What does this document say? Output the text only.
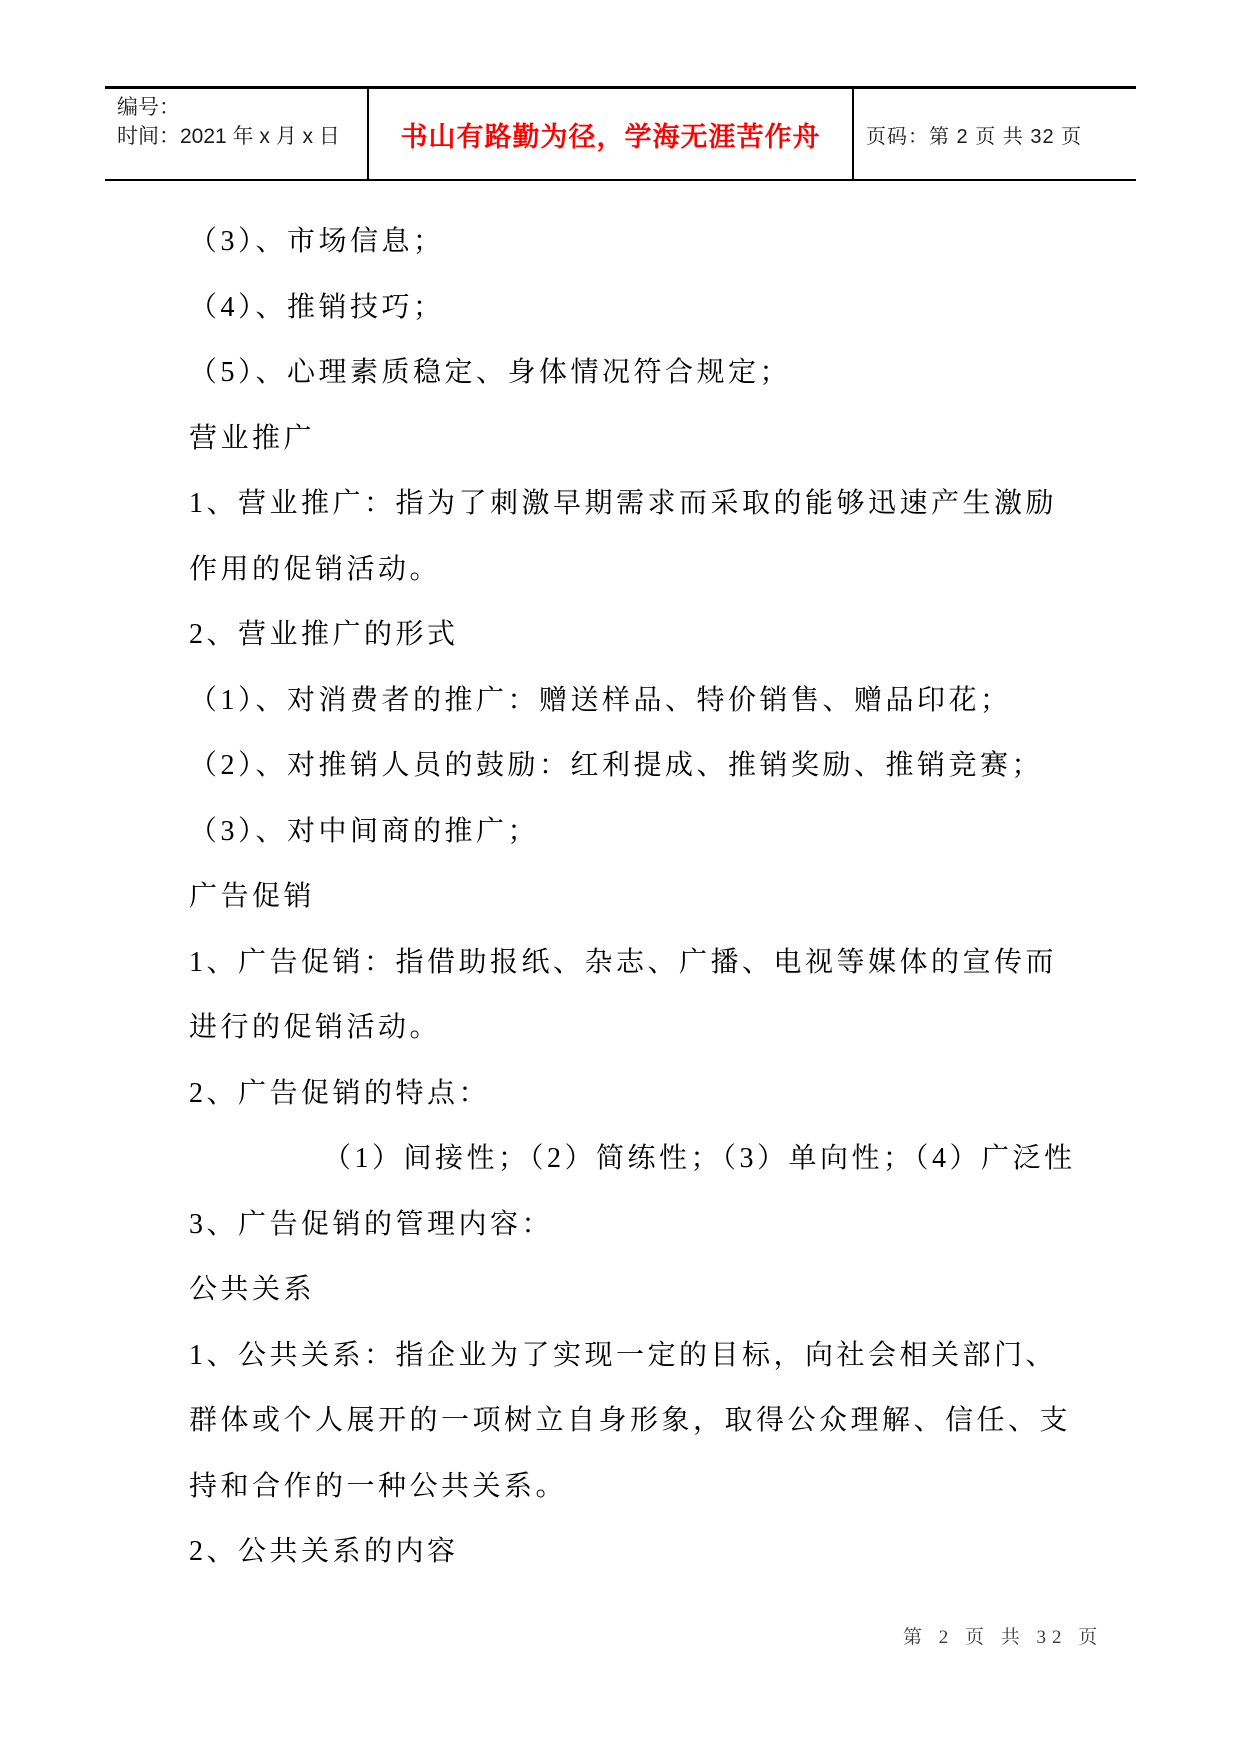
编号：
时间：2021 年 x 月 x 日	书山有路勤为径，学海无涯苦作舟 页码：第 2 页 共 32 页
（3）、市场信息；
（4）、推销技巧；
（5）、心理素质稳定、身体情况符合规定；
营业推广
1、营业推广：指为了刺激早期需求而采取的能够迅速产生激励
作用的促销活动。
2、营业推广的形式
（1）、对消费者的推广：赠送样品、特价销售、赠品印花；
（2）、对推销人员的鼓励：红利提成、推销奖励、推销竞赛；
（3）、对中间商的推广；
广告促销
1、广告促销：指借助报纸、杂志、广播、电视等媒体的宣传而
进行的促销活动。
2、广告促销的特点：
（1）间接性；（2）简练性；（3）单向性；（4）广泛性
3、广告促销的管理内容：
公共关系
1、公共关系：指企业为了实现一定的目标，向社会相关部门、
群体或个人展开的一项树立自身形象，取得公众理解、信任、支
持和合作的一种公共关系。
2、公共关系的内容
第 2 页 共 32 页
